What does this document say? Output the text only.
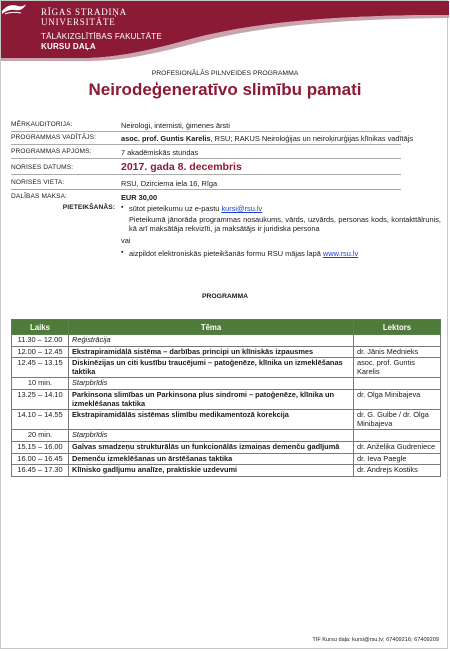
RĪGAS STRADIŅA
UNIVERSITĀTE
TĀLĀKIZGLĪTĪBAS FAKULTĀTE
KURSU DAĻA
PROFESIONĀLĀS PILNVEIDES PROGRAMMA
Neirodeģeneratīvo slimību pamati
MĒRĶAUDITORIJA:	Neirologi, internisti, ģimenes ārsti
PROGRAMMAS VADĪTĀJS:	asoc. prof. Guntis Karelis, RSU; RAKUS Neiroloģijas un neiroķirurģijas klīnikas vadītājs
PROGRAMMAS APJOMS:	7 akadēmiskās stundas
NORISES DATUMS:	2017. gada 8. decembris
NORISES VIETA:	RSU, Dzirciema iela 16, Rīga
DALĪBAS MAKSA:	EUR 30,00
PIETEIKŠANĀS: ▪ sūtot pieteikumu uz e-pastu kursi@rsu.lv
Pieteikumā jānorāda programmas nosaukums, vārds, uzvārds, personas kods, kontakttālrunis, kā arī maksātāja rekvizīti, ja maksātājs ir juridiska persona
vai
▪ aizpildot elektroniskās pieteikšanās formu RSU mājas lapā www.rsu.lv
PROGRAMMA
Laiks	Tēma	Lektors
11.30 – 12.00	Reģistrācija	
12.00 – 12.45	Ekstrapiramidālā sistēma – darbības principi un klīniskās izpausmes	dr. Jānis Mednieks
12.45 – 13.15	Diskinēzijas un citi kustību traucējumi – patoģenēze, klīnika un izmeklēšanas taktika	asoc. prof. Guntis Karelis
10 min.	Starpbrīdis	
13.25 – 14.10	Parkinsona slimības un Parkinsona plus sindromi – patoģenēze, klīnika un izmeklēšanas taktika	dr. Olga Minibajeva
14.10 – 14.55	Ekstrapiramidālās sistēmas slimību medikamentozā korekcija	dr. G. Gulbe / dr. Olga Minibajeva
20 min.	Starpbrīdis	
15.15 – 16.00	Galvas smadzeņu strukturālās un funkcionālās izmaiņas demenču gadījumā	dr. Anželika Gudreniece
16.00 – 16.45	Demenču izmeklēšanas un ārstēšanas taktika	dr. Ieva Paegle
16.45 – 17.30	Klīnisko gadījumu analīze, praktiskie uzdevumi	dr. Andrejs Kostiks
TIF Kursu daļa: kursi@rsu.lv; 67409216; 67409209
